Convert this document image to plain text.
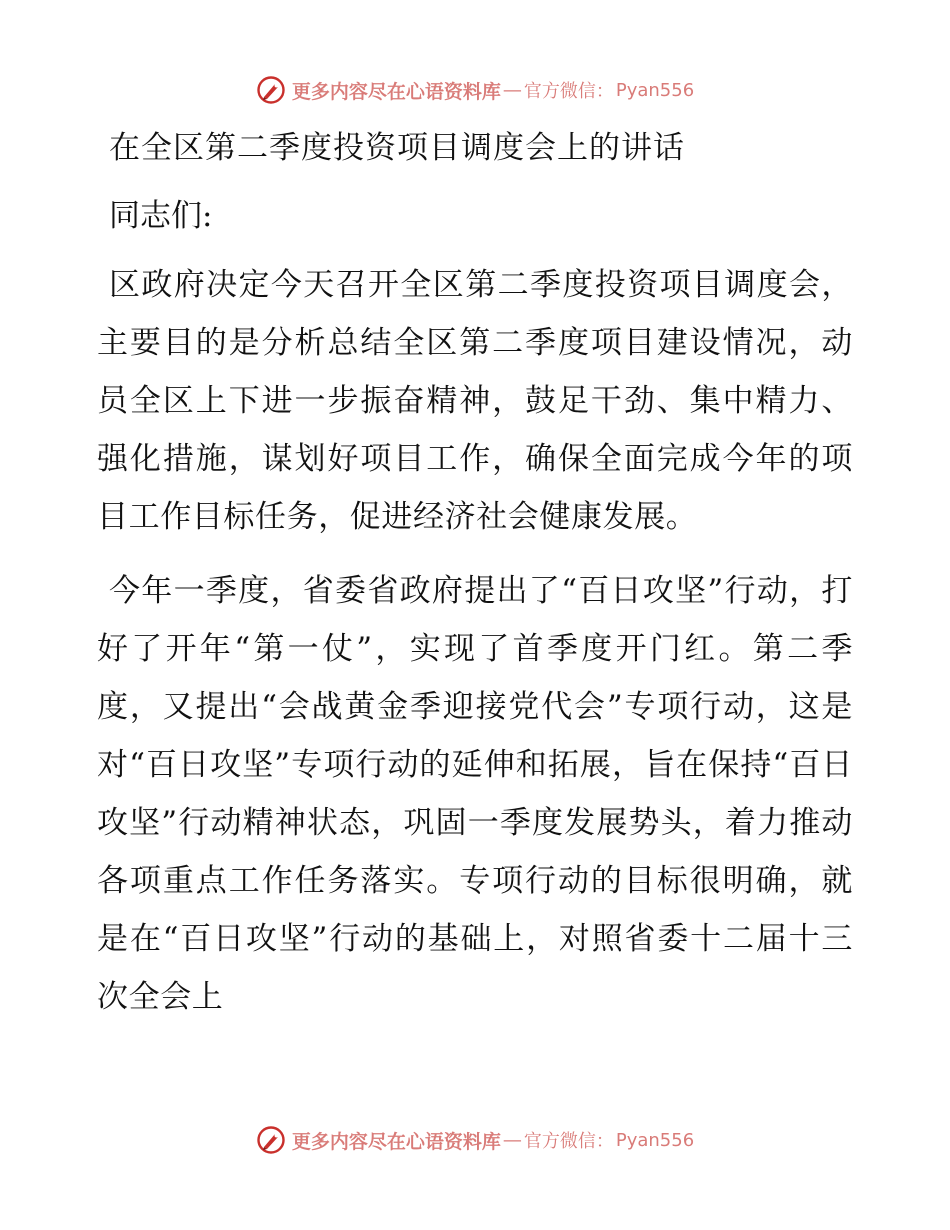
更多内容尽在心语资料库 — 官方微信： Pyan556
在全区第二季度投资项目调度会上的讲话

同志们:

区政府决定今天召开全区第二季度投资项目调度会，主要目的是分析总结全区第二季度项目建设情况，动员全区上下进一步振奋精神，鼓足干劲、集中精力、强化措施，谋划好项目工作，确保全面完成今年的项目工作目标任务，促进经济社会健康发展。

今年一季度，省委省政府提出了“百日攻坚”行动，打好了开年“第一仗”，实现了首季度开门红。第二季度，又提出“会战黄金季迎接党代会”专项行动，这是对“百日攻坚”专项行动的延伸和拓展，旨在保持“百日攻坚”行动精神状态，巩固一季度发展势头，着力推动各项重点工作任务落实。专项行动的目标很明确，就是在“百日攻坚”行动的基础上，对照省委十二届十三次全会上

更多内容尽在心语资料库 — 官方微信： Pyan556
